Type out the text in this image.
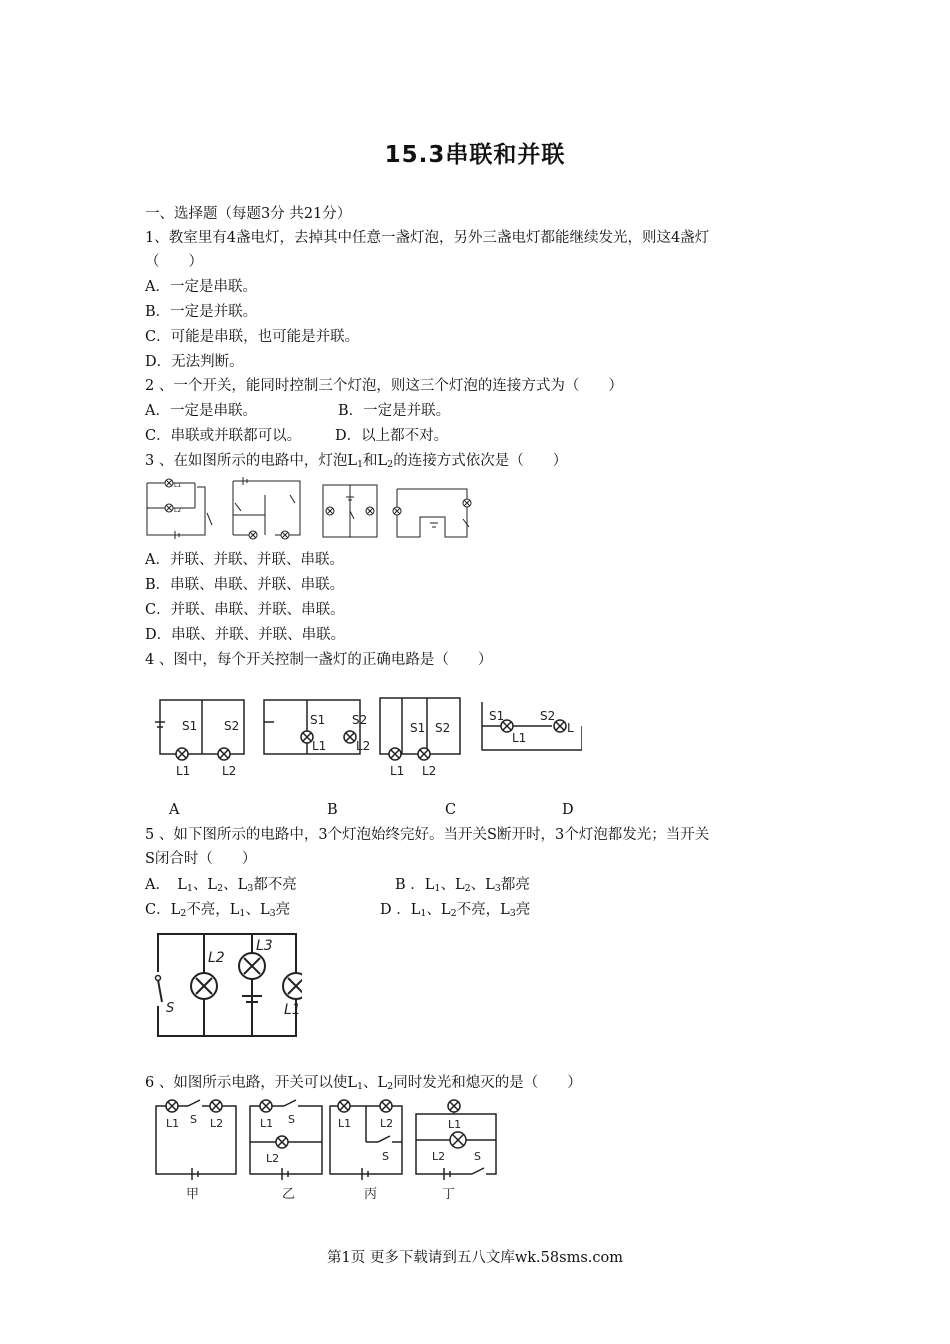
15.3串联和并联
一、选择题（每题3分 共21分）
1、教室里有4盏电灯，去掉其中任意一盏灯泡，另外三盏电灯都能继续发光，则这4盏灯
（　　）
A．一定是串联。
B．一定是并联。
C．可能是串联，也可能是并联。
D．无法判断。
2 、一个开关，能同时控制三个灯泡，则这三个灯泡的连接方式为（　　）
A．一定是串联。	B．一定是并联。
C．串联或并联都可以。 D．以上都不对。
3 、在如图所示的电路中，灯泡$L_1$和$L_2$的连接方式依次是（　　）
L1
L2
A．并联、并联、并联、串联。
B．串联、串联、并联、串联。
C．并联、串联、并联、串联。
D．串联、并联、并联、串联。
4 、图中，每个开关控制一盏灯的正确电路是（　　）
S1 S2
L1	L2
S1 S2
L1 L2
S1 S2
L1 L2
S1	S2
L1
L
A	B	C	D
5 、如下图所示的电路中，3个灯泡始终完好。当开关S断开时，3个灯泡都发光；当开关
S闭合时（　　）
A．　$L_1$、$L_2$、$L_3$都不亮	B ．$L_1$、$L_2$、$L_3$都亮
C．$L_2$不亮，$L_1$、$L_3$亮	D ．$L_1$、$L_2$不亮，$L_3$亮
L2
L3
L1
S
6 、如图所示电路，开关可以使$L_1$、$L_2$同时发光和熄灭的是（　　）
L1 S L2
甲
L1 S
L2
乙
L1	L2
S
丙
L1
L2	S
丁
第1页 更多下载请到五八文库wk.58sms.com
